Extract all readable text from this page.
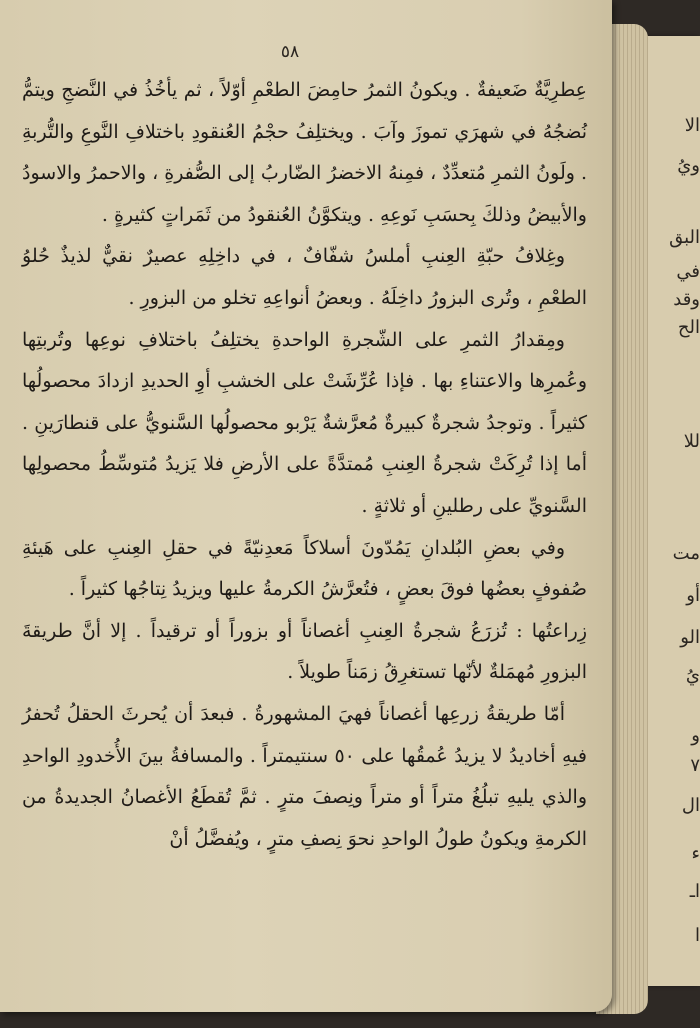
الا
ويُ
البق
في
وقد
الح
للا
مت
أو
الو
يُ
و
٧
ال
ء
اـ
ا
٥٨

عِطرِيَّةٌ ضَعيفةٌ . ويكونُ الثمرُ حامِضَ الطعْمِ أوّلاً ، ثم يأخُذُ في النَّضجِ ويتمُّ نُضجُهُ في شهرَي تموزَ وآبَ . ويختلِفُ حجْمُ العُنقودِ باختلافِ النَّوعِ والتُّربةِ . ولَونُ الثمرِ مُتعدِّدٌ ، فمِنهُ الاخضرُ الضّاربُ إلى الصُّفرةِ ، والاحمرُ والاسودُ والأبيضُ وذلكَ بِحسَبِ نَوعِهِ . ويتكوَّنُ العُنقودُ من ثَمَراتٍ كثيرةٍ .

وغِلافُ حبّةِ العِنبِ أملسُ شفّافٌ ، في داخِلِهِ عصيرٌ نقيٌّ لذيذٌ حُلوُ الطعْمِ ، وتُرى البزورُ داخِلَهُ . وبعضُ أنواعِهِ تخلو من البزورِ .

ومِقدارُ الثمرِ على الشّجرةِ الواحدةِ يختلِفُ باختلافِ نوعِها وتُربتِها وعُمرِها والاعتناءِ بها . فإذا عُرِّشَتْ على الخشبِ أوِ الحديدِ ازدادَ محصولُها كثيراً . وتوجدُ شجرةٌ كبيرةٌ مُعرَّشةٌ يَرْبو محصولُها السَّنويُّ على قنطارَينِ . أما إذا تُرِكَتْ شجرةُ العِنبِ مُمتدَّةً على الأرضِ فلا يَزيدُ مُتوسِّطُ محصولِها السَّنويِّ على رطلينِ أو ثلاثةٍ .

وفي بعضِ البُلدانِ يَمُدّونَ أسلاكاً مَعدِنيّةً في حقلِ العِنبِ على هَيئةِ صُفوفٍ بعضُها فوقَ بعضٍ ، فتُعرَّشُ الكرمةُ عليها ويزيدُ نِتاجُها كثيراً .

زِراعتُها : تُزرَعُ شجرةُ العِنبِ أغصاناً أو بزوراً أو ترقيداً . إلا أنَّ طريقةَ البزورِ مُهمَلةٌ لأنّها تستغرِقُ زمَناً طويلاً .

أمّا طريقةُ زرعِها أغصاناً فهيَ المشهورةُ . فبعدَ أن يُحرثَ الحقلُ تُحفرُ فيهِ أخاديدُ لا يزيدُ عُمقُها على ٥٠ سنتيمتراً . والمسافةُ بينَ الأُخدودِ الواحدِ والذي يليهِ تبلُغُ متراً أو متراً ونِصفَ مترٍ . ثمَّ تُقطَعُ الأغصانُ الجديدةُ من الكرمةِ ويكونُ طولُ الواحدِ نحوَ نِصفِ مترٍ ، ويُفضَّلُ أنْ
